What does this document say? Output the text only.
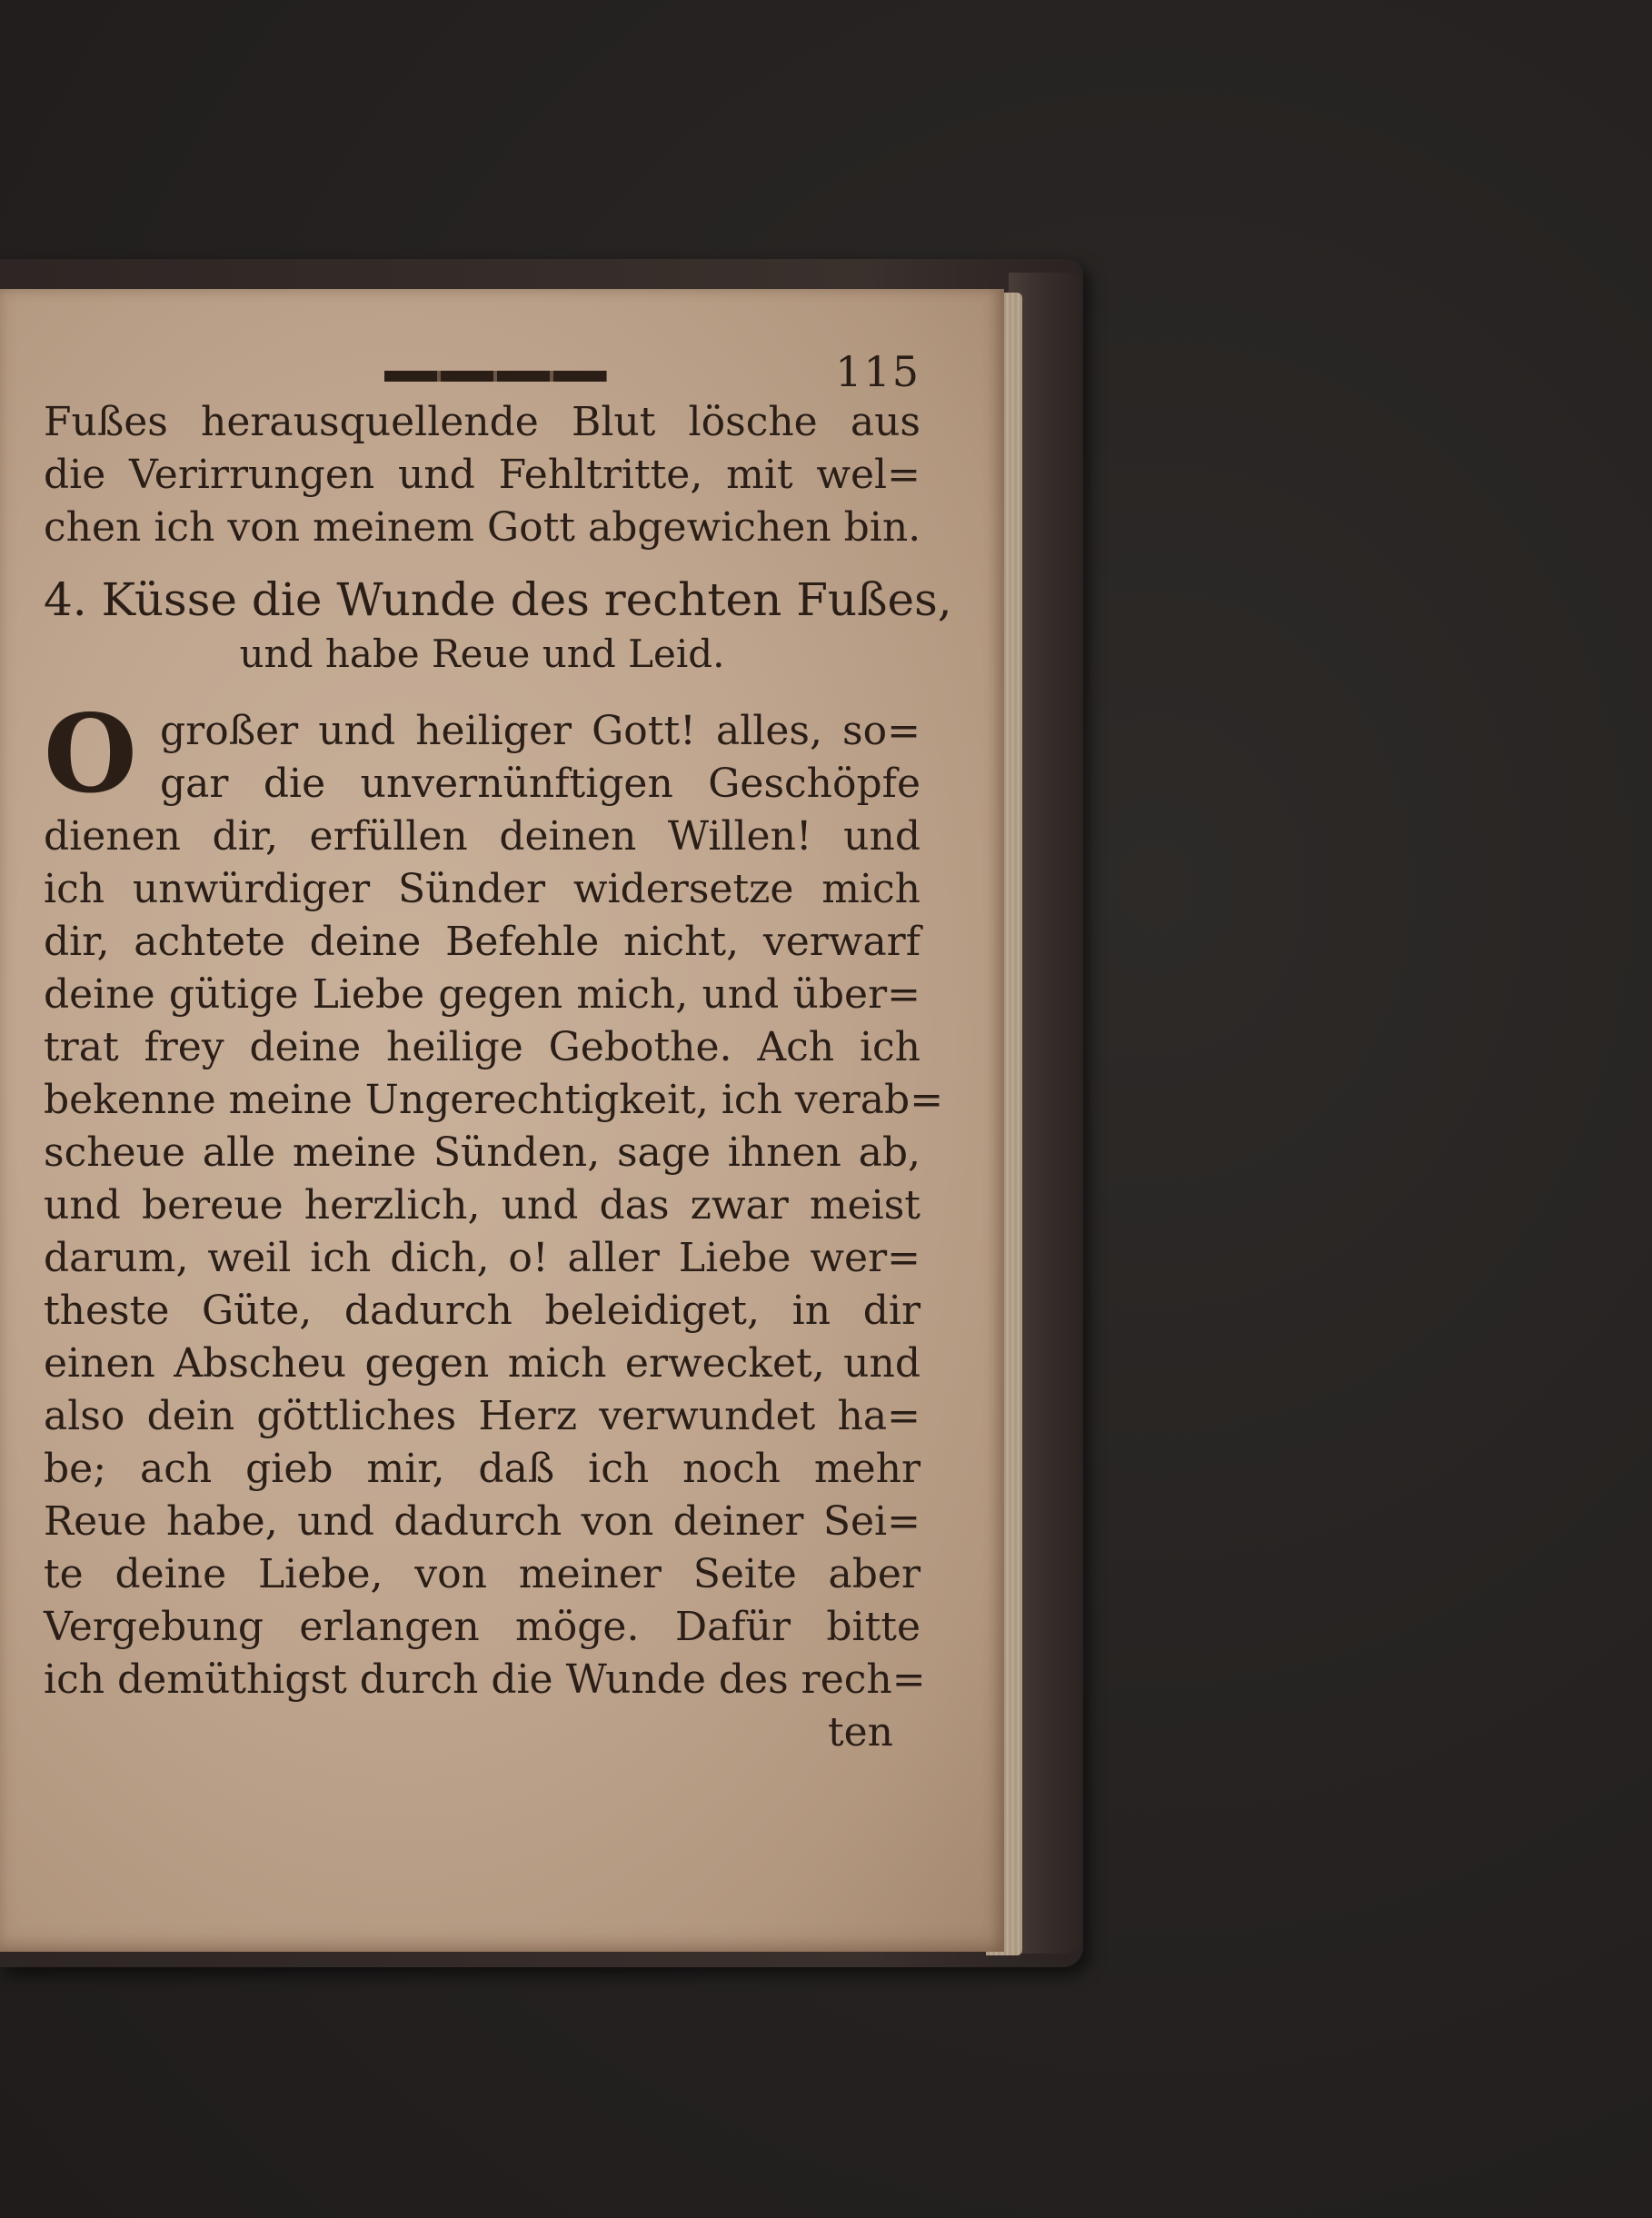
115
Fußes herausquellende Blut lösche aus
die Verirrungen und Fehltritte, mit wel=
chen ich von meinem Gott abgewichen bin.
4. Küsse die Wunde des rechten Fußes,
und habe Reue und Leid.
O großer und heiliger Gott! alles, so=
gar die unvernünftigen Geschöpfe
dienen dir, erfüllen deinen Willen! und
ich unwürdiger Sünder widersetze mich
dir, achtete deine Befehle nicht, verwarf
deine gütige Liebe gegen mich, und über=
trat frey deine heilige Gebothe. Ach ich
bekenne meine Ungerechtigkeit, ich verab=
scheue alle meine Sünden, sage ihnen ab,
und bereue herzlich, und das zwar meist
darum, weil ich dich, o! aller Liebe wer=
theste Güte, dadurch beleidiget, in dir
einen Abscheu gegen mich erwecket, und
also dein göttliches Herz verwundet ha=
be; ach gieb mir, daß ich noch mehr
Reue habe, und dadurch von deiner Sei=
te deine Liebe, von meiner Seite aber
Vergebung erlangen möge. Dafür bitte
ich demüthigst durch die Wunde des rech=
ten
